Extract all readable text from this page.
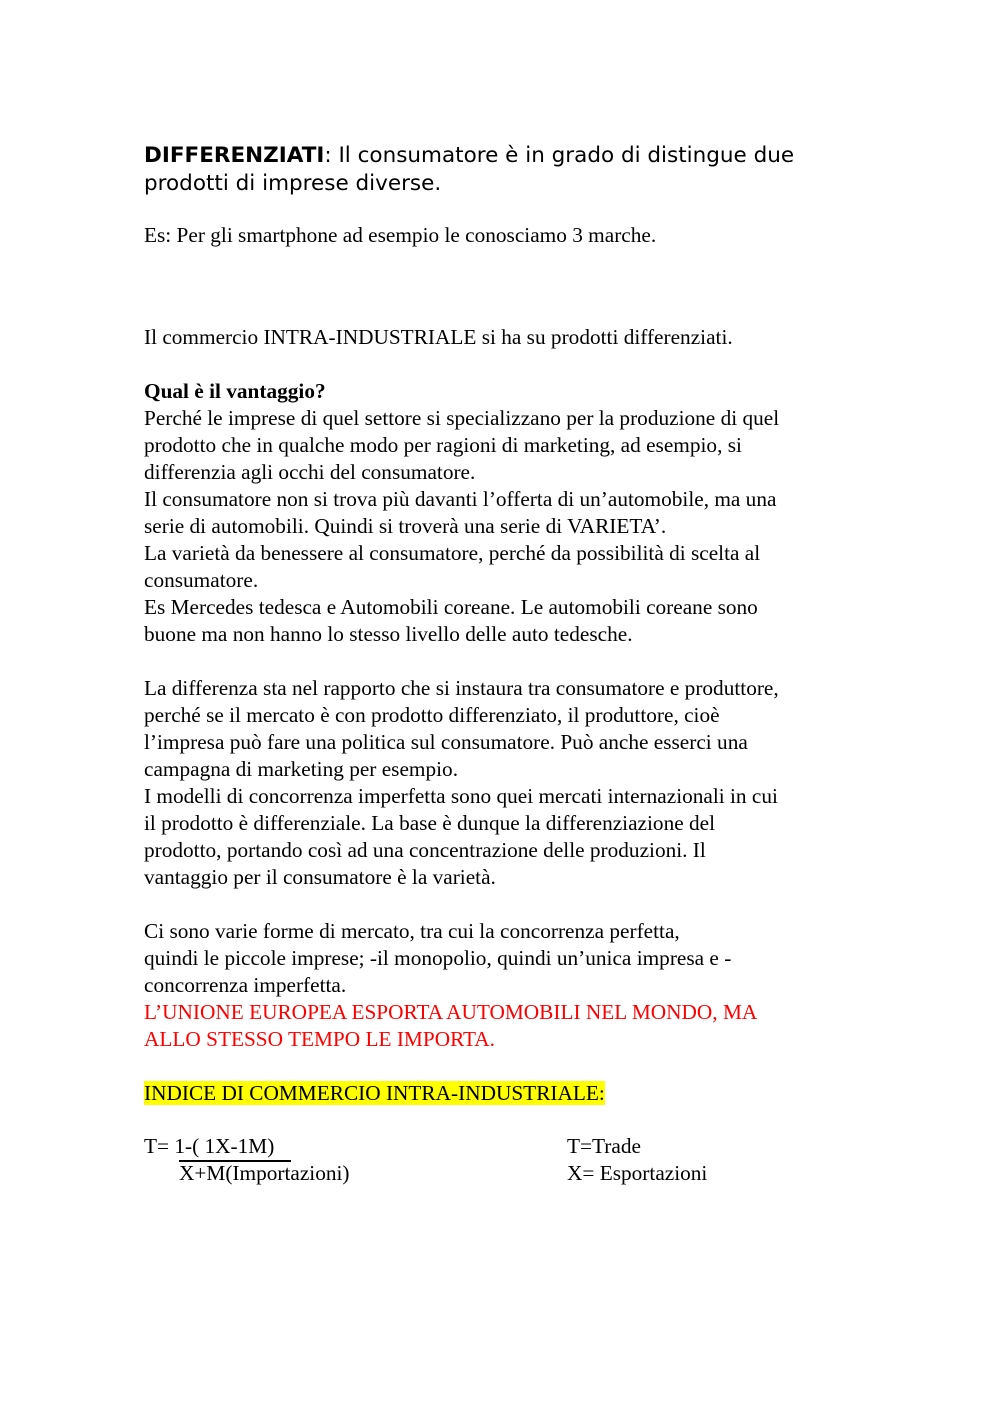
DIFFERENZIATI: Il consumatore è in grado di distingue due
prodotti di imprese diverse.
Es: Per gli smartphone ad esempio le conosciamo 3 marche.
Il commercio INTRA-INDUSTRIALE si ha su prodotti differenziati.
Qual è il vantaggio?
Perché le imprese di quel settore si specializzano per la produzione di quel
prodotto che in qualche modo per ragioni di marketing, ad esempio, si
differenzia agli occhi del consumatore.
Il consumatore non si trova più davanti l’offerta di un’automobile, ma una
serie di automobili. Quindi si troverà una serie di VARIETA’.
La varietà da benessere al consumatore, perché da possibilità di scelta al
consumatore.
Es Mercedes tedesca e Automobili coreane. Le automobili coreane sono
buone ma non hanno lo stesso livello delle auto tedesche.
La differenza sta nel rapporto che si instaura tra consumatore e produttore,
perché se il mercato è con prodotto differenziato, il produttore, cioè
l’impresa può fare una politica sul consumatore. Può anche esserci una
campagna di marketing per esempio.
I modelli di concorrenza imperfetta sono quei mercati internazionali in cui
il prodotto è differenziale. La base è dunque la differenziazione del
prodotto, portando così ad una concentrazione delle produzioni. Il
vantaggio per il consumatore è la varietà.
Ci sono varie forme di mercato, tra cui la concorrenza perfetta,
quindi le piccole imprese; -il monopolio, quindi un’unica impresa e -
concorrenza imperfetta.
L’UNIONE EUROPEA ESPORTA AUTOMOBILI NEL MONDO, MA
ALLO STESSO TEMPO LE IMPORTA.
INDICE DI COMMERCIO INTRA-INDUSTRIALE:
T= 1-( 1X-1M)
X+M(Importazioni)
T=Trade
X= Esportazioni
